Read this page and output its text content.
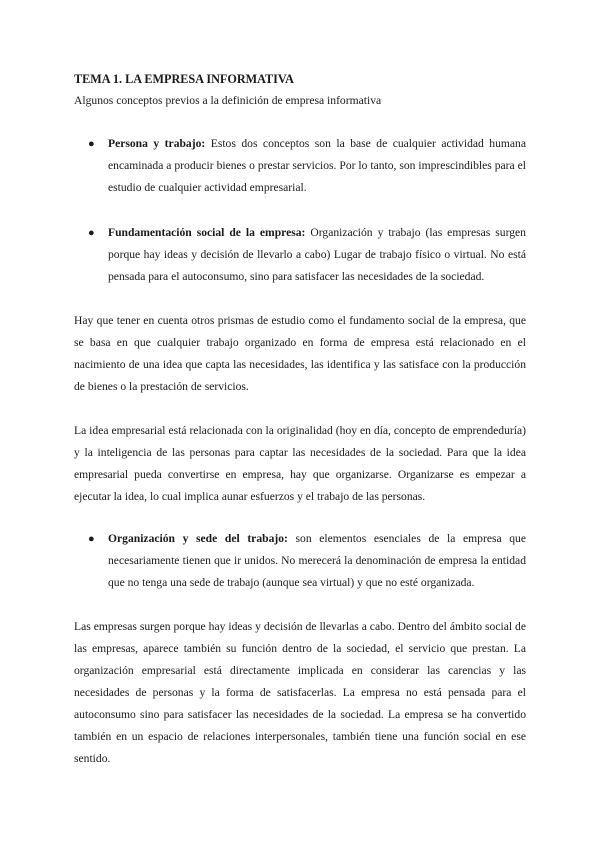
TEMA 1. LA EMPRESA INFORMATIVA
Algunos conceptos previos a la definición de empresa informativa
● Persona y trabajo: Estos dos conceptos son la base de cualquier actividad humana encaminada a producir bienes o prestar servicios. Por lo tanto, son imprescindibles para el estudio de cualquier actividad empresarial.
● Fundamentación social de la empresa: Organización y trabajo (las empresas surgen porque hay ideas y decisión de llevarlo a cabo) Lugar de trabajo físico o virtual. No está pensada para el autoconsumo, sino para satisfacer las necesidades de la sociedad.
Hay que tener en cuenta otros prismas de estudio como el fundamento social de la empresa, que se basa en que cualquier trabajo organizado en forma de empresa está relacionado en el nacimiento de una idea que capta las necesidades, las identifica y las satisface con la producción de bienes o la prestación de servicios.
La idea empresarial está relacionada con la originalidad (hoy en día, concepto de emprendeduría) y la inteligencia de las personas para captar las necesidades de la sociedad. Para que la idea empresarial pueda convertirse en empresa, hay que organizarse. Organizarse es empezar a ejecutar la idea, lo cual implica aunar esfuerzos y el trabajo de las personas.
● Organización y sede del trabajo: son elementos esenciales de la empresa que necesariamente tienen que ir unidos. No merecerá la denominación de empresa la entidad que no tenga una sede de trabajo (aunque sea virtual) y que no esté organizada.
Las empresas surgen porque hay ideas y decisión de llevarlas a cabo. Dentro del ámbito social de las empresas, aparece también su función dentro de la sociedad, el servicio que prestan. La organización empresarial está directamente implicada en considerar las carencias y las necesidades de personas y la forma de satisfacerlas. La empresa no está pensada para el autoconsumo sino para satisfacer las necesidades de la sociedad. La empresa se ha convertido también en un espacio de relaciones interpersonales, también tiene una función social en ese sentido.
